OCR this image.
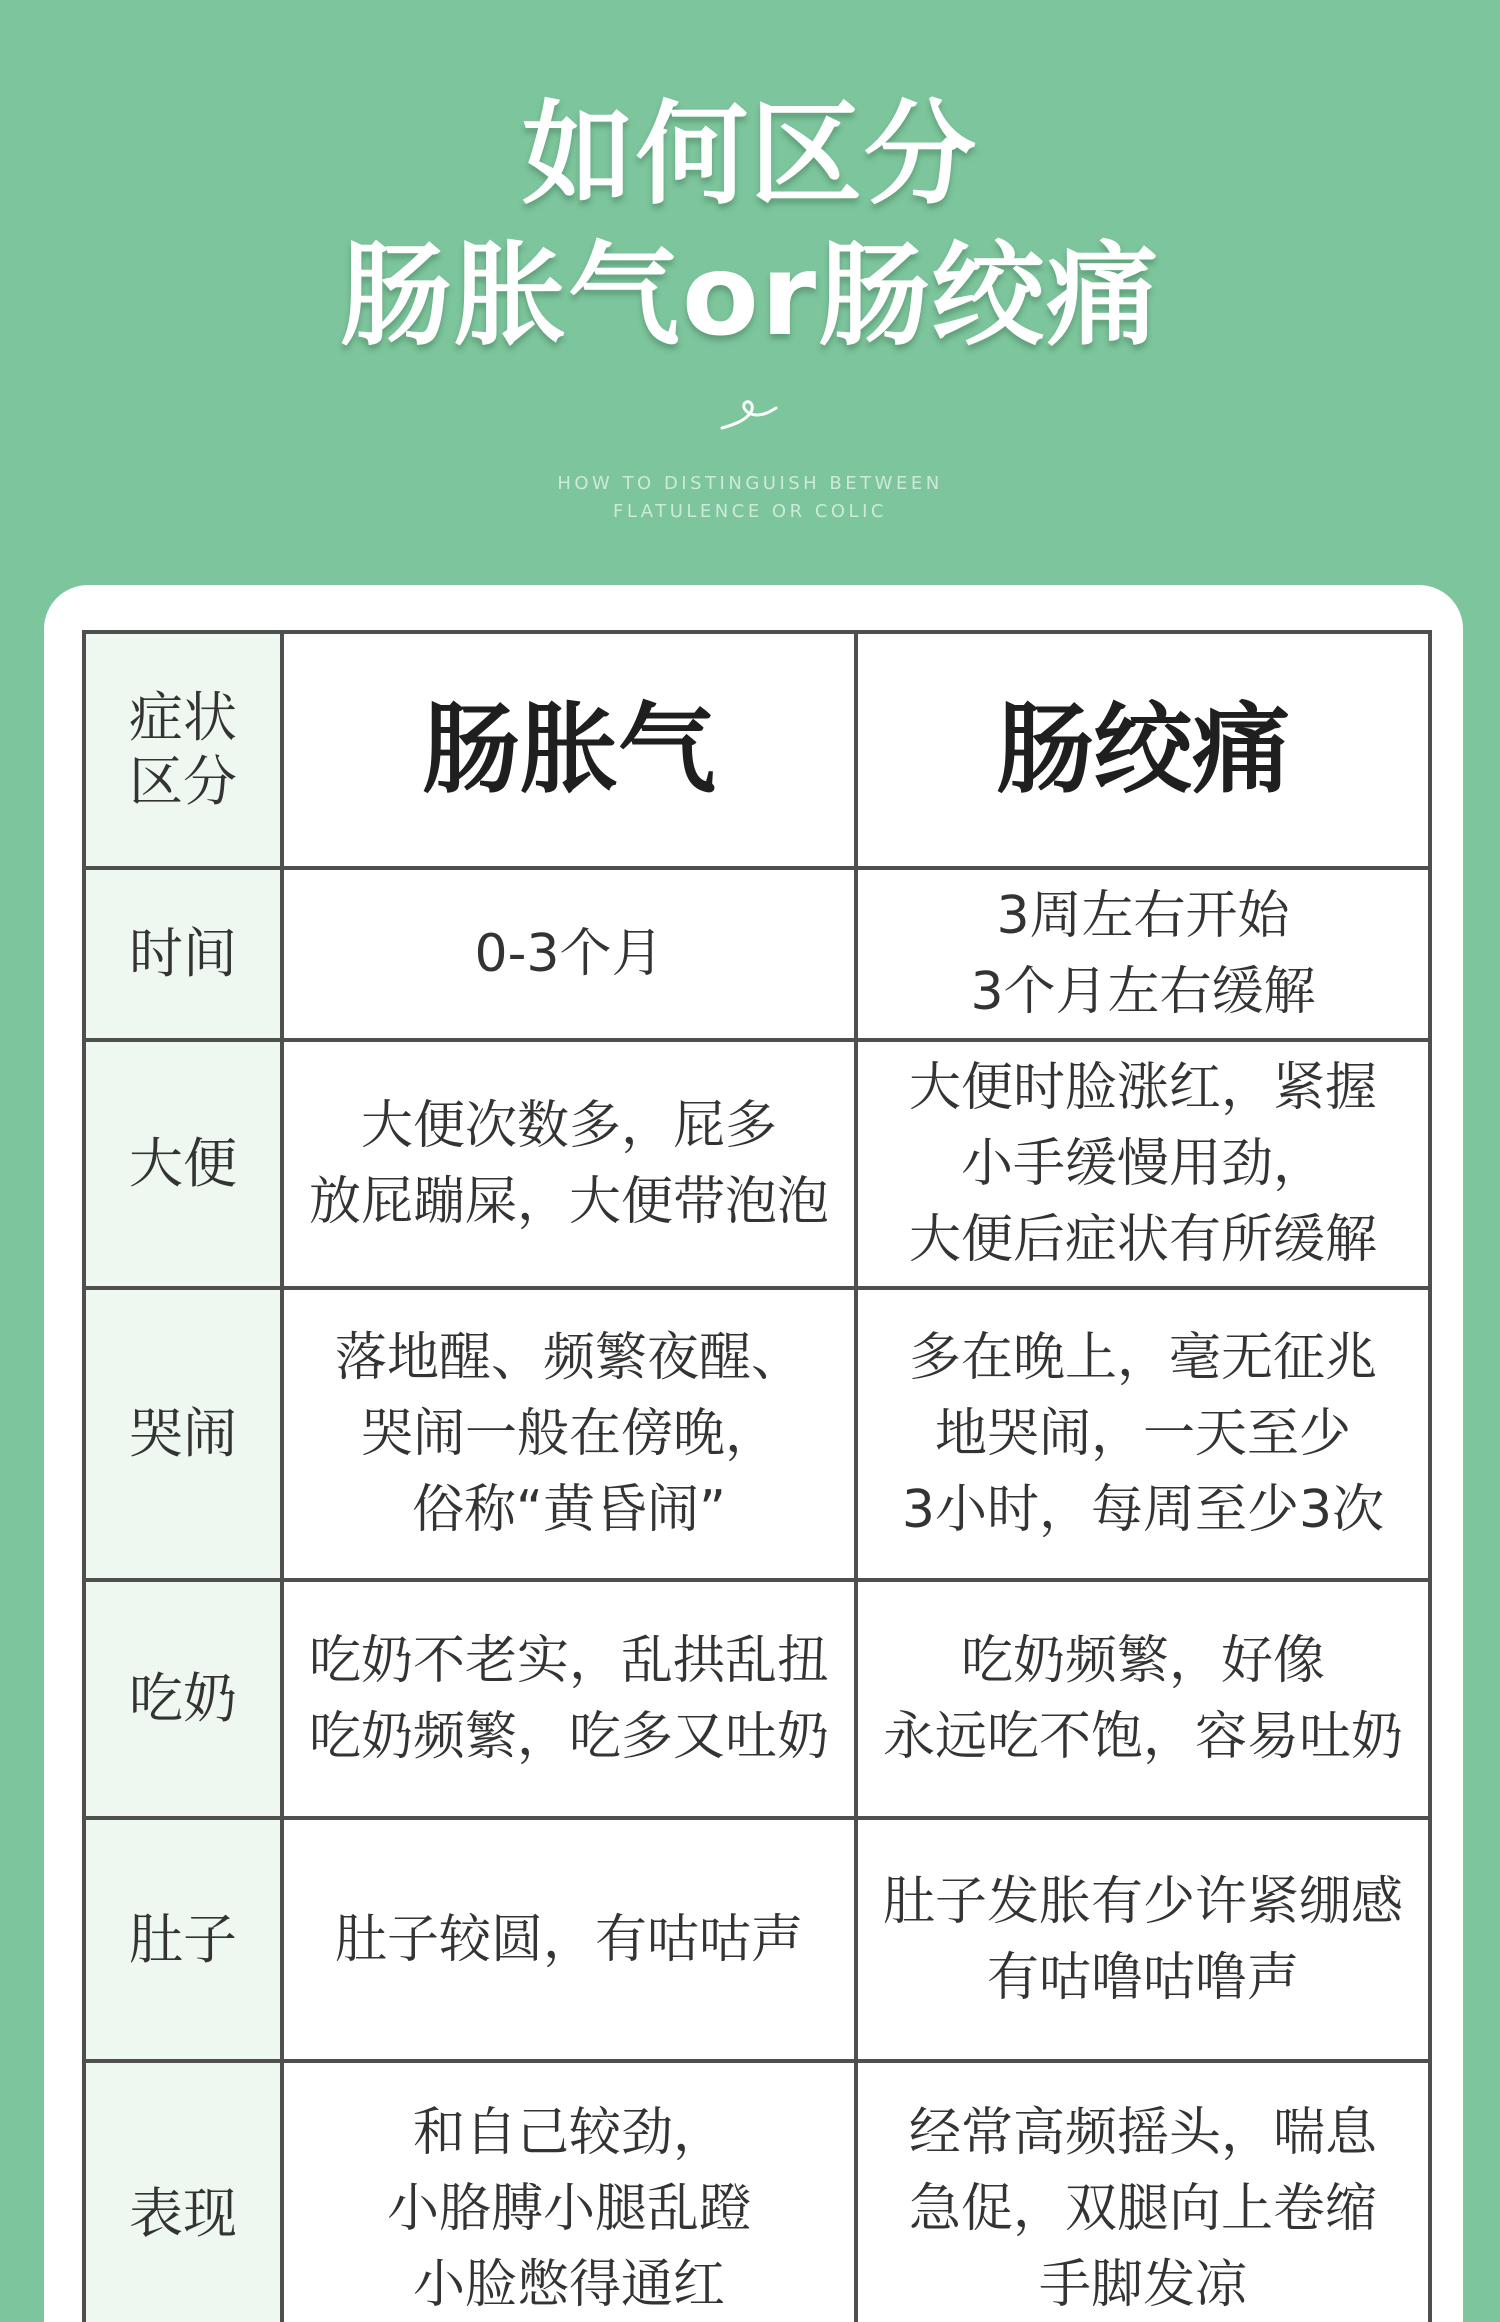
如何区分
肠胀气or肠绞痛
HOW TO DISTINGUISH BETWEEN
FLATULENCE OR COLIC
症状
区分 肠胀气	肠绞痛
时间	0-3个月
3周左右开始
3个月左右缓解
大便
大便次数多，屁多
放屁蹦屎，大便带泡泡
大便时脸涨红，紧握
小手缓慢用劲，
大便后症状有所缓解
哭闹
落地醒、频繁夜醒、
哭闹一般在傍晚，
俗称“黄昏闹”
多在晚上，毫无征兆
地哭闹，一天至少
3小时，每周至少3次
吃奶
吃奶不老实，乱拱乱扭
吃奶频繁，吃多又吐奶
吃奶频繁，好像
永远吃不饱，容易吐奶
肚子 肚子较圆，有咕咕声
肚子发胀有少许紧绷感
有咕噜咕噜声
表现
和自己较劲，
小胳膊小腿乱蹬
小脸憋得通红
经常高频摇头，喘息
急促，双腿向上卷缩
手脚发凉
